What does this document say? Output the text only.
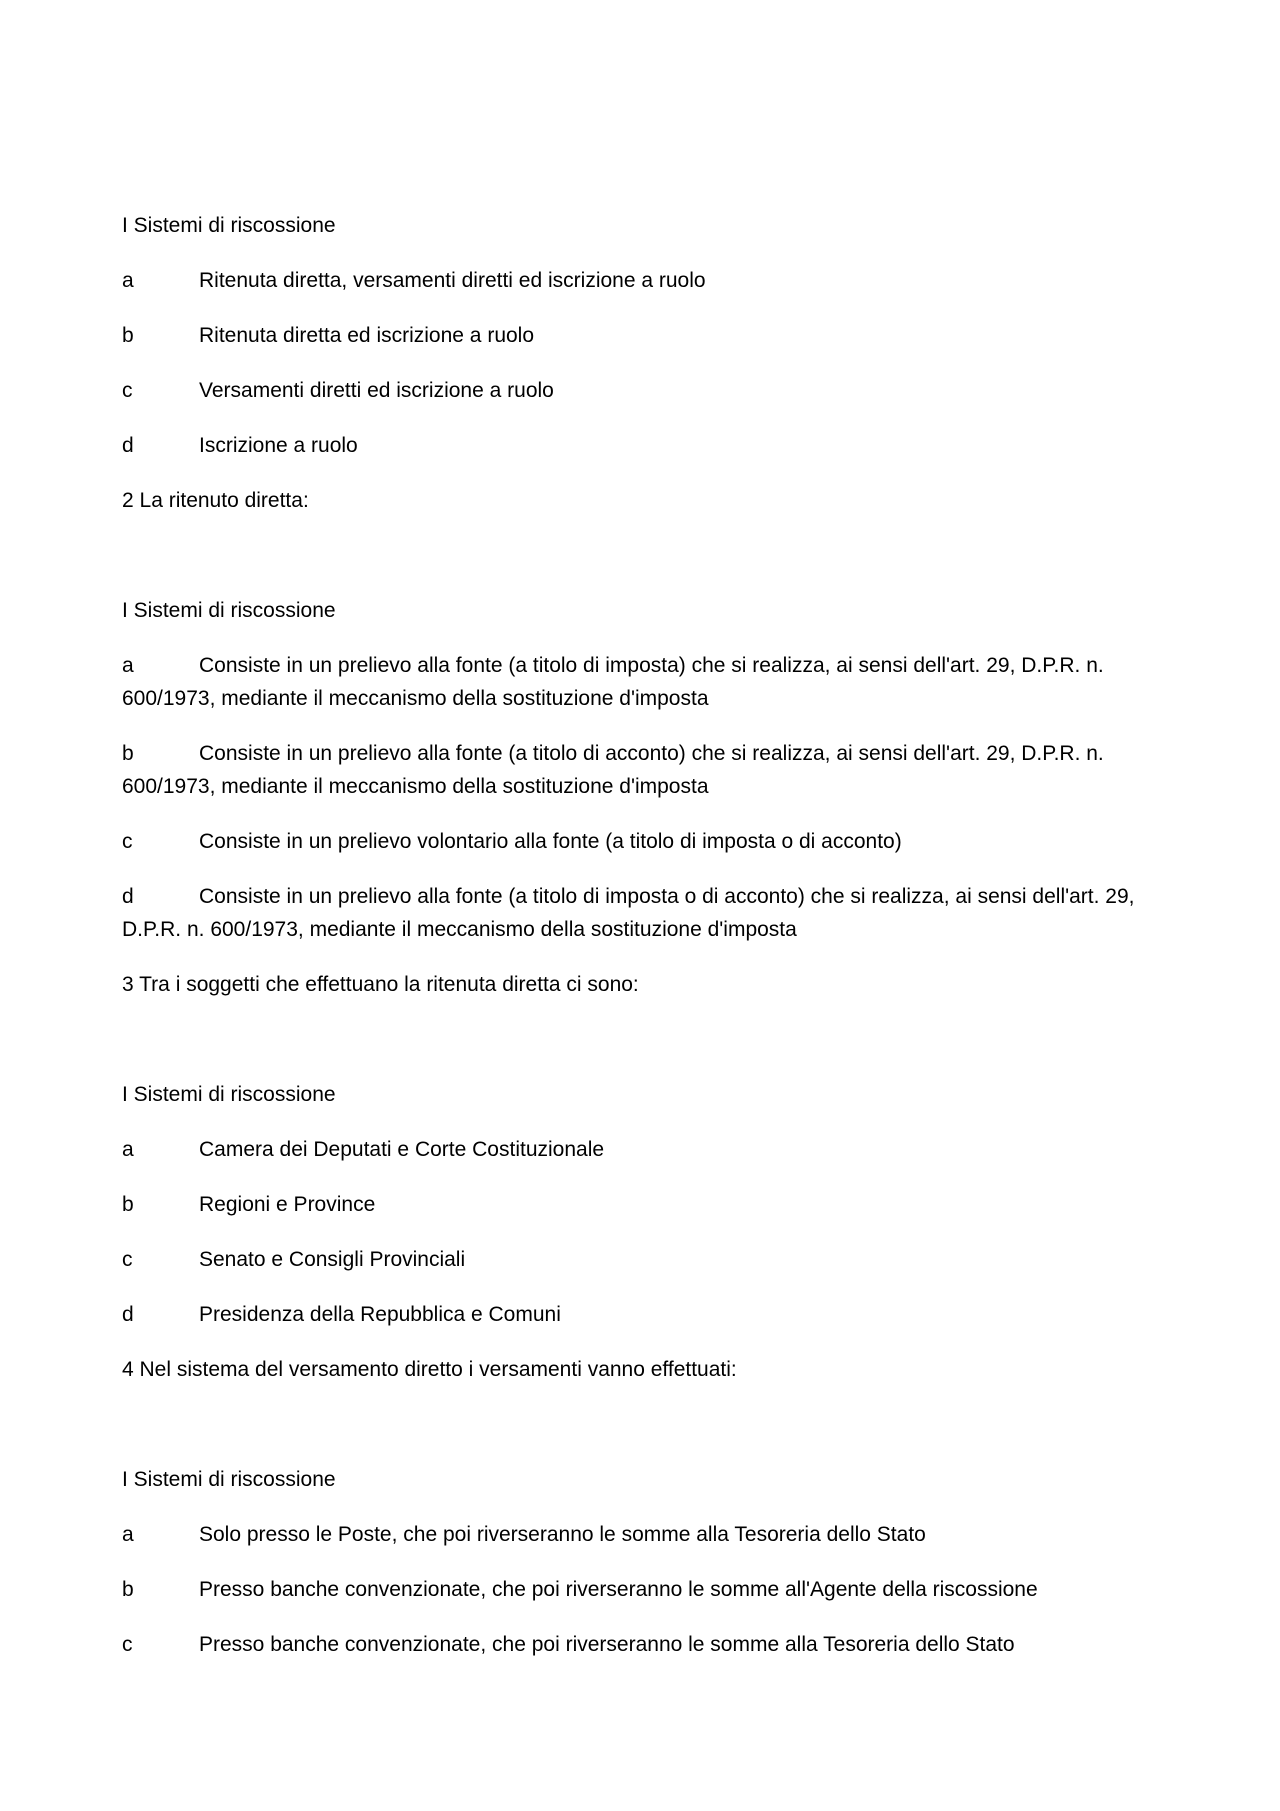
I Sistemi di riscossione

a	Ritenuta diretta, versamenti diretti ed iscrizione a ruolo

b	Ritenuta diretta ed iscrizione a ruolo

c	Versamenti diretti ed iscrizione a ruolo

d	Iscrizione a ruolo

2 La ritenuto diretta:

I Sistemi di riscossione

a	Consiste in un prelievo alla fonte (a titolo di imposta) che si realizza, ai sensi dell'art. 29, D.P.R. n. 600/1973, mediante il meccanismo della sostituzione d'imposta

b	Consiste in un prelievo alla fonte (a titolo di acconto) che si realizza, ai sensi dell'art. 29, D.P.R. n. 600/1973, mediante il meccanismo della sostituzione d'imposta

c	Consiste in un prelievo volontario alla fonte (a titolo di imposta o di acconto)

d	Consiste in un prelievo alla fonte (a titolo di imposta o di acconto) che si realizza, ai sensi dell'art. 29, D.P.R. n. 600/1973, mediante il meccanismo della sostituzione d'imposta

3 Tra i soggetti che effettuano la ritenuta diretta ci sono:

I Sistemi di riscossione

a	Camera dei Deputati e Corte Costituzionale

b	Regioni e Province

c	Senato e Consigli Provinciali

d	Presidenza della Repubblica e Comuni

4 Nel sistema del versamento diretto i versamenti vanno effettuati:

I Sistemi di riscossione

a	Solo presso le Poste, che poi riverseranno le somme alla Tesoreria dello Stato

b	Presso banche convenzionate, che poi riverseranno le somme all'Agente della riscossione

c	Presso banche convenzionate, che poi riverseranno le somme alla Tesoreria dello Stato
